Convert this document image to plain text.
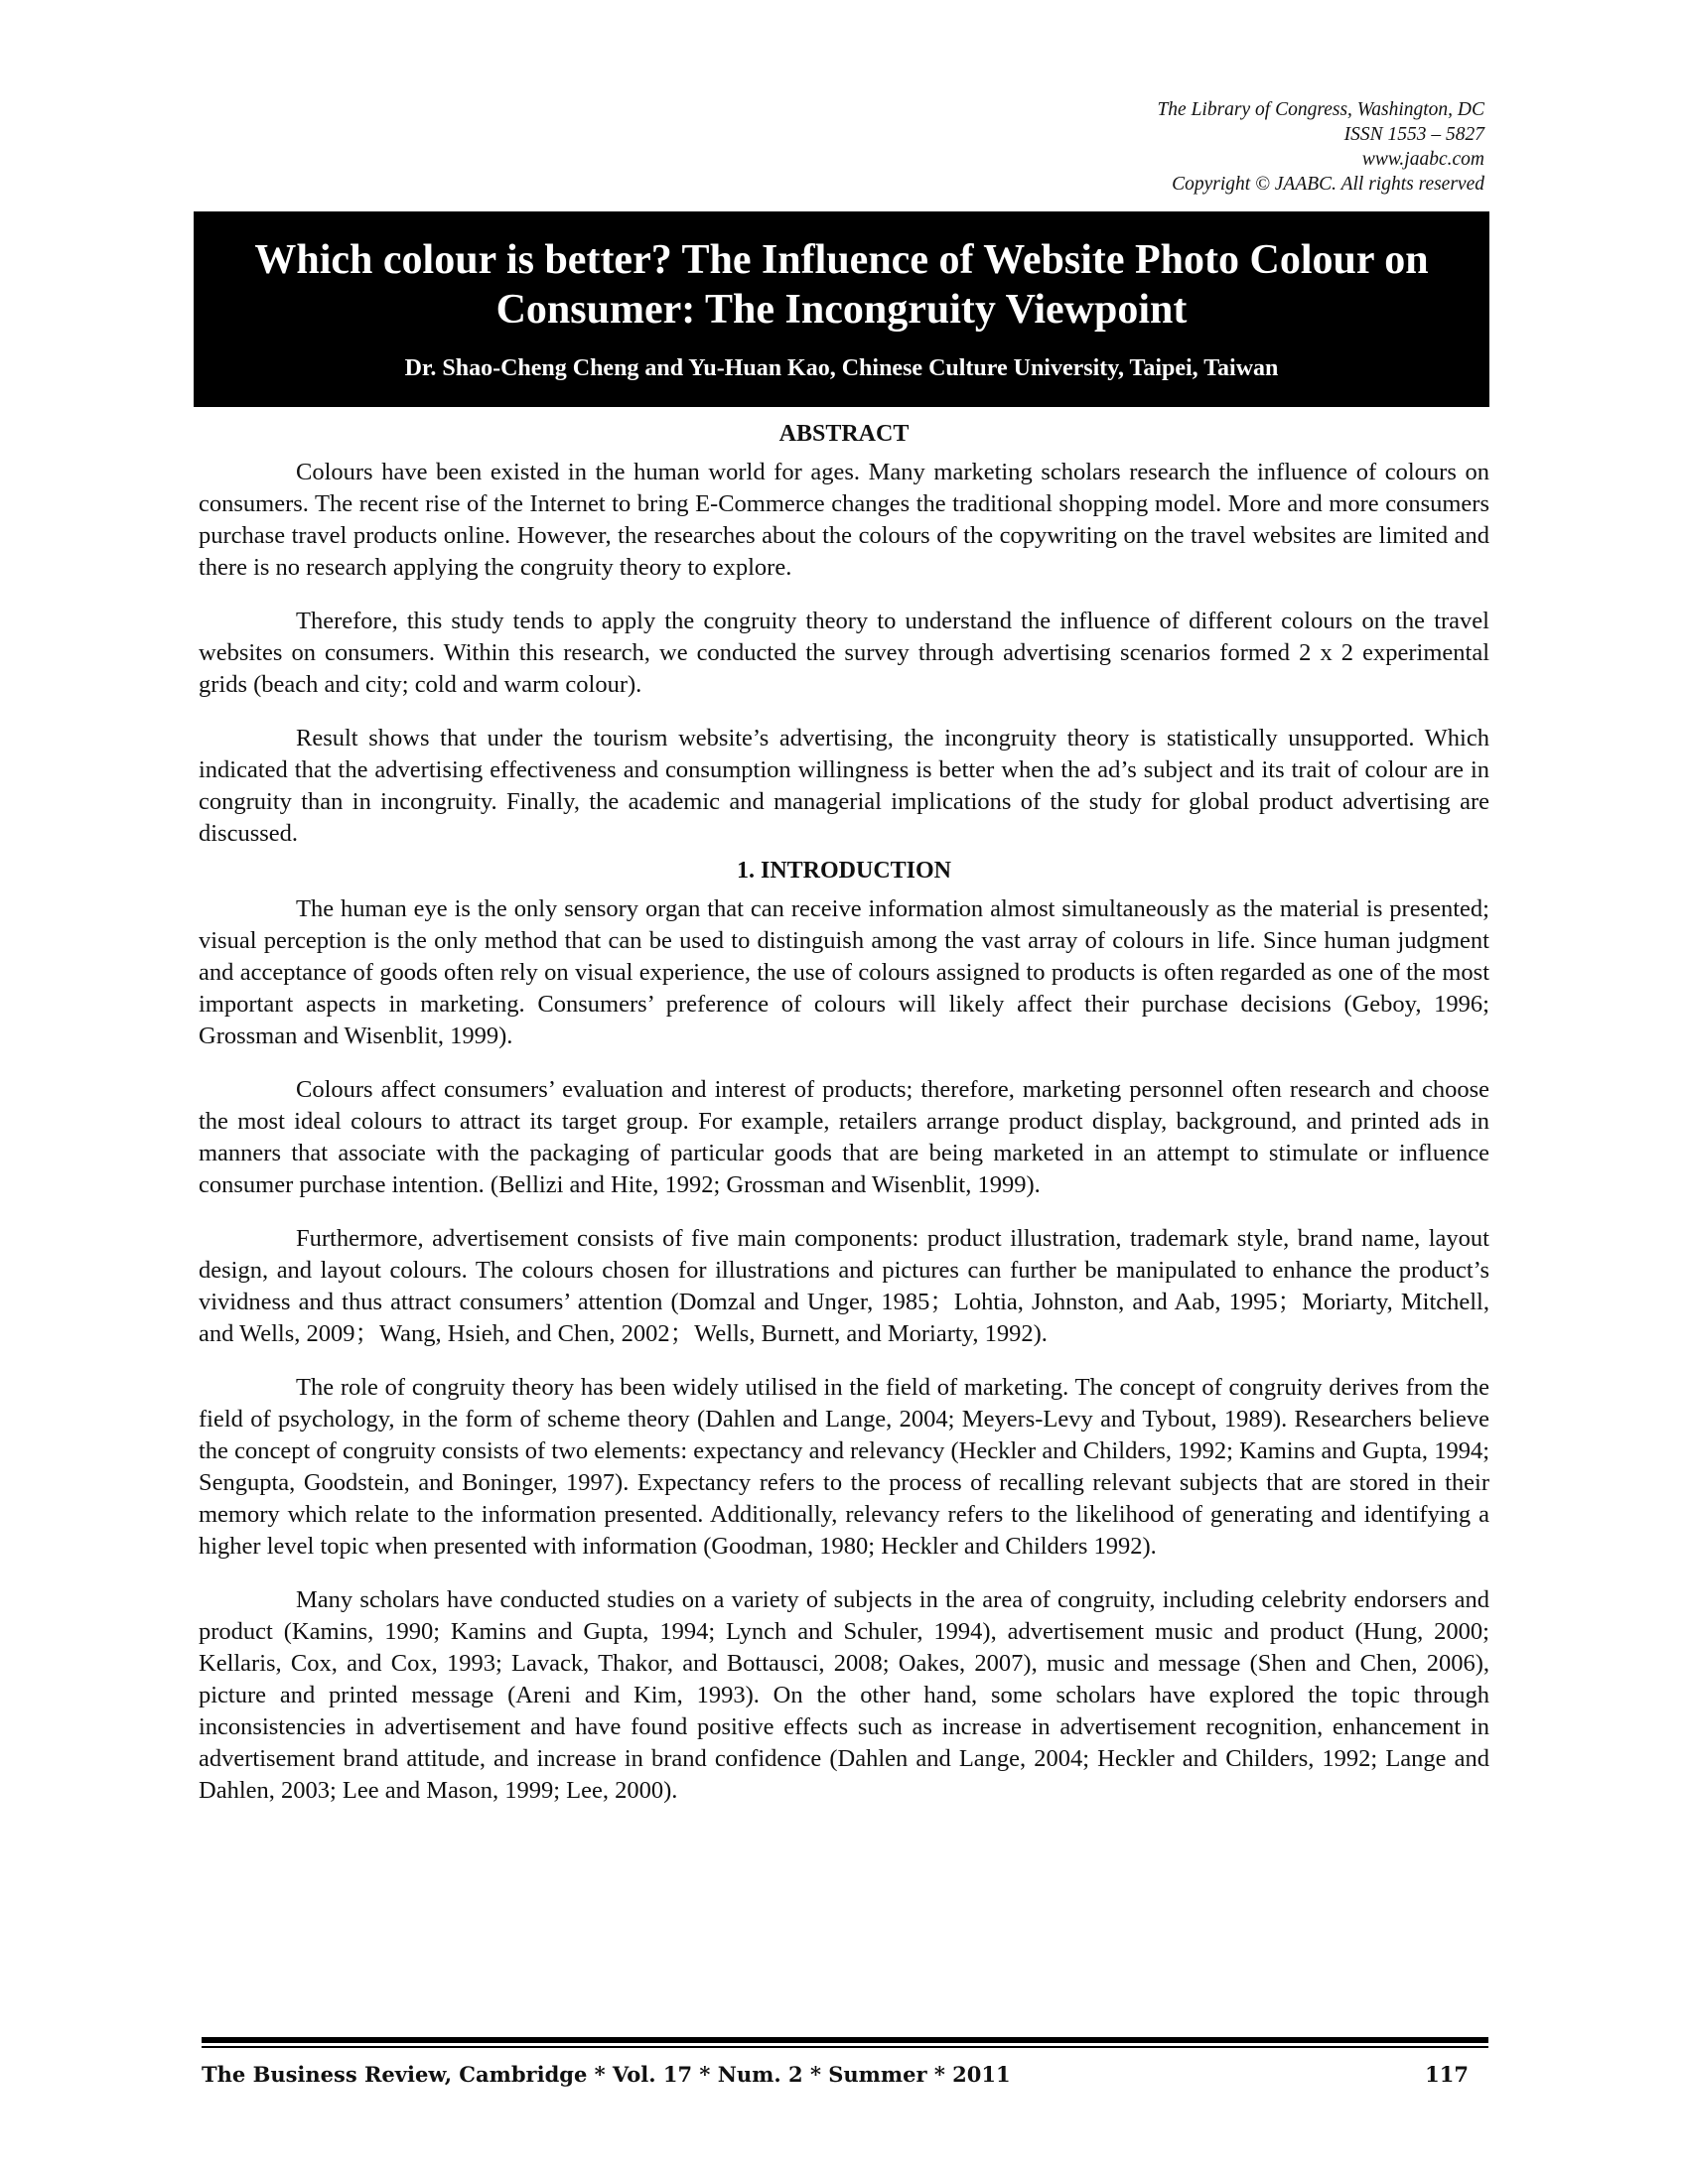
The Library of Congress, Washington, DC
ISSN 1553 – 5827
www.jaabc.com
Copyright © JAABC. All rights reserved
Which colour is better? The Influence of Website Photo Colour on Consumer: The Incongruity Viewpoint
Dr. Shao-Cheng Cheng and Yu-Huan Kao, Chinese Culture University, Taipei, Taiwan
ABSTRACT

Colours have been existed in the human world for ages. Many marketing scholars research the influence of colours on consumers. The recent rise of the Internet to bring E-Commerce changes the traditional shopping model. More and more consumers purchase travel products online. However, the researches about the colours of the copywriting on the travel websites are limited and there is no research applying the congruity theory to explore.

Therefore, this study tends to apply the congruity theory to understand the influence of different colours on the travel websites on consumers. Within this research, we conducted the survey through advertising scenarios formed 2 x 2 experimental grids (beach and city; cold and warm colour).

Result shows that under the tourism website’s advertising, the incongruity theory is statistically unsupported. Which indicated that the advertising effectiveness and consumption willingness is better when the ad’s subject and its trait of colour are in congruity than in incongruity. Finally, the academic and managerial implications of the study for global product advertising are discussed.

1. INTRODUCTION

The human eye is the only sensory organ that can receive information almost simultaneously as the material is presented; visual perception is the only method that can be used to distinguish among the vast array of colours in life. Since human judgment and acceptance of goods often rely on visual experience, the use of colours assigned to products is often regarded as one of the most important aspects in marketing. Consumers’ preference of colours will likely affect their purchase decisions (Geboy, 1996; Grossman and Wisenblit, 1999).

Colours affect consumers’ evaluation and interest of products; therefore, marketing personnel often research and choose the most ideal colours to attract its target group. For example, retailers arrange product display, background, and printed ads in manners that associate with the packaging of particular goods that are being marketed in an attempt to stimulate or influence consumer purchase intention. (Bellizi and Hite, 1992; Grossman and Wisenblit, 1999).

Furthermore, advertisement consists of five main components: product illustration, trademark style, brand name, layout design, and layout colours. The colours chosen for illustrations and pictures can further be manipulated to enhance the product’s vividness and thus attract consumers’ attention (Domzal and Unger, 1985；Lohtia, Johnston, and Aab, 1995；Moriarty, Mitchell, and Wells, 2009；Wang, Hsieh, and Chen, 2002；Wells, Burnett, and Moriarty, 1992).

The role of congruity theory has been widely utilised in the field of marketing. The concept of congruity derives from the field of psychology, in the form of scheme theory (Dahlen and Lange, 2004; Meyers-Levy and Tybout, 1989). Researchers believe the concept of congruity consists of two elements: expectancy and relevancy (Heckler and Childers, 1992; Kamins and Gupta, 1994; Sengupta, Goodstein, and Boninger, 1997). Expectancy refers to the process of recalling relevant subjects that are stored in their memory which relate to the information presented. Additionally, relevancy refers to the likelihood of generating and identifying a higher level topic when presented with information (Goodman, 1980; Heckler and Childers 1992).

Many scholars have conducted studies on a variety of subjects in the area of congruity, including celebrity endorsers and product (Kamins, 1990; Kamins and Gupta, 1994; Lynch and Schuler, 1994), advertisement music and product (Hung, 2000; Kellaris, Cox, and Cox, 1993; Lavack, Thakor, and Bottausci, 2008; Oakes, 2007), music and message (Shen and Chen, 2006), picture and printed message (Areni and Kim, 1993). On the other hand, some scholars have explored the topic through inconsistencies in advertisement and have found positive effects such as increase in advertisement recognition, enhancement in advertisement brand attitude, and increase in brand confidence (Dahlen and Lange, 2004; Heckler and Childers, 1992; Lange and Dahlen, 2003; Lee and Mason, 1999; Lee, 2000).

The Business Review, Cambridge * Vol. 17 * Num. 2 * Summer * 2011	117
